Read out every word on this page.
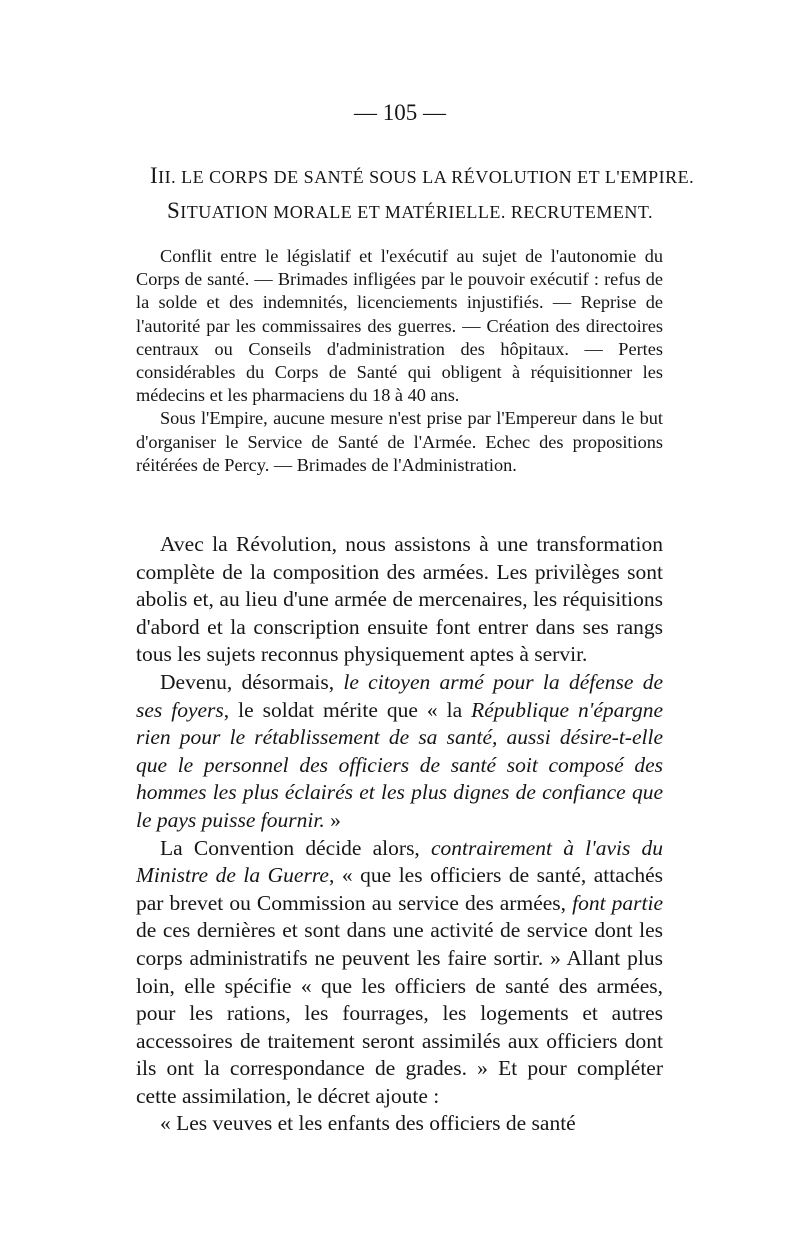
— 105 —
III. LE CORPS DE SANTÉ SOUS LA RÉVOLUTION ET L'EMPIRE.
SITUATION MORALE ET MATÉRIELLE. RECRUTEMENT.

Conflit entre le législatif et l'exécutif au sujet de l'autonomie du Corps de santé. — Brimades infligées par le pouvoir exécutif : refus de la solde et des indemnités, licenciements injustifiés. — Reprise de l'autorité par les commissaires des guerres. — Création des directoires centraux ou Conseils d'administration des hôpitaux. — Pertes considérables du Corps de Santé qui obligent à réquisitionner les médecins et les pharmaciens du 18 à 40 ans.

Sous l'Empire, aucune mesure n'est prise par l'Empereur dans le but d'organiser le Service de Santé de l'Armée. Echec des propositions réitérées de Percy. — Brimades de l'Administration.

Avec la Révolution, nous assistons à une transformation complète de la composition des armées. Les privilèges sont abolis et, au lieu d'une armée de mercenaires, les réquisitions d'abord et la conscription ensuite font entrer dans ses rangs tous les sujets reconnus physiquement aptes à servir.

Devenu, désormais, le citoyen armé pour la défense de ses foyers, le soldat mérite que « la République n'épargne rien pour le rétablissement de sa santé, aussi désire-t-elle que le personnel des officiers de santé soit composé des hommes les plus éclairés et les plus dignes de confiance que le pays puisse fournir. »

La Convention décide alors, contrairement à l'avis du Ministre de la Guerre, « que les officiers de santé, attachés par brevet ou Commission au service des armées, font partie de ces dernières et sont dans une activité de service dont les corps administratifs ne peuvent les faire sortir. » Allant plus loin, elle spécifie « que les officiers de santé des armées, pour les rations, les fourrages, les logements et autres accessoires de traitement seront assimilés aux officiers dont ils ont la correspondance de grades. » Et pour compléter cette assimilation, le décret ajoute :

« Les veuves et les enfants des officiers de santé
